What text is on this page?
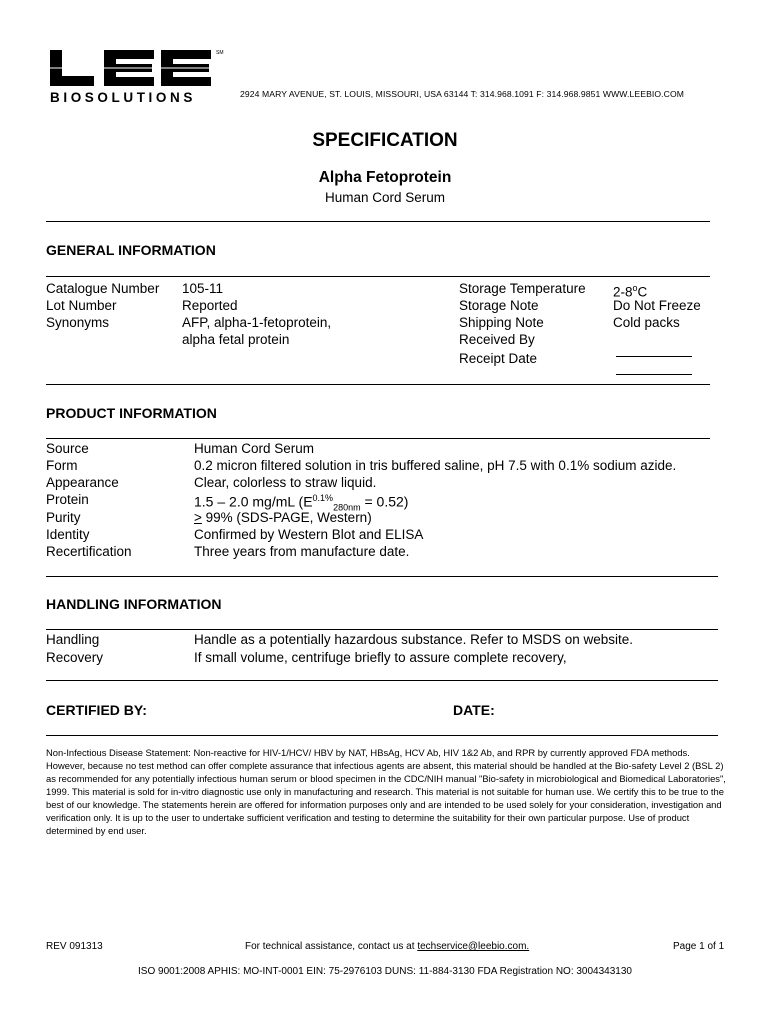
BIOSOLUTIONS
SM
2924 MARY AVENUE, ST. LOUIS, MISSOURI, USA 63144 T: 314.968.1091 F: 314.968.9851 WWW.LEEBIO.COM
SPECIFICATION
Alpha Fetoprotein
Human Cord Serum
GENERAL INFORMATION
Catalogue Number 105-11
Lot Number	Reported
Synonyms	AFP, alpha-1-fetoprotein,
alpha fetal protein
Storage Temperature 2-8$^o$C
Storage Note	Do Not Freeze
Shipping Note	Cold packs
Received By
Receipt Date
PRODUCT INFORMATION
Source	Human Cord Serum
Form	0.2 micron filtered solution in tris buffered saline, pH 7.5 with 0.1% sodium azide.
Appearance	Clear, colorless to straw liquid.
Protein	1.5 – 2.0 mg/mL $(E^{0.1\%}_{280nm} = 0.52)$
Purity	> 99% (SDS-PAGE, Western)
Identity	Confirmed by Western Blot and ELISA
Recertification	Three years from manufacture date.
HANDLING INFORMATION
Handling	Handle as a potentially hazardous substance. Refer to MSDS on website.
Recovery	If small volume, centrifuge briefly to assure complete recovery,
CERTIFIED BY:	DATE:
Non-Infectious Disease Statement: Non-reactive for HIV-1/HCV/ HBV by NAT, HBsAg, HCV Ab, HIV 1&2 Ab, and RPR by currently approved FDA methods. However, because no test method can offer complete assurance that infectious agents are absent, this material should be handled at the Bio-safety Level 2 (BSL 2) as recommended for any potentially infectious human serum or blood specimen in the CDC/NIH manual "Bio-safety in microbiological and Biomedical Laboratories", 1999. This material is sold for in-vitro diagnostic use only in manufacturing and research. This material is not suitable for human use. We certify this to be true to the best of our knowledge. The statements herein are offered for information purposes only and are intended to be used solely for your consideration, investigation and verification only. It is up to the user to undertake sufficient verification and testing to determine the suitability for their own particular purpose. Use of product determined by end user.
REV 091313	For technical assistance, contact us at techservice@leebio.com.	Page 1 of 1
ISO 9001:2008 APHIS: MO-INT-0001 EIN: 75-2976103 DUNS: 11-884-3130 FDA Registration NO: 3004343130
